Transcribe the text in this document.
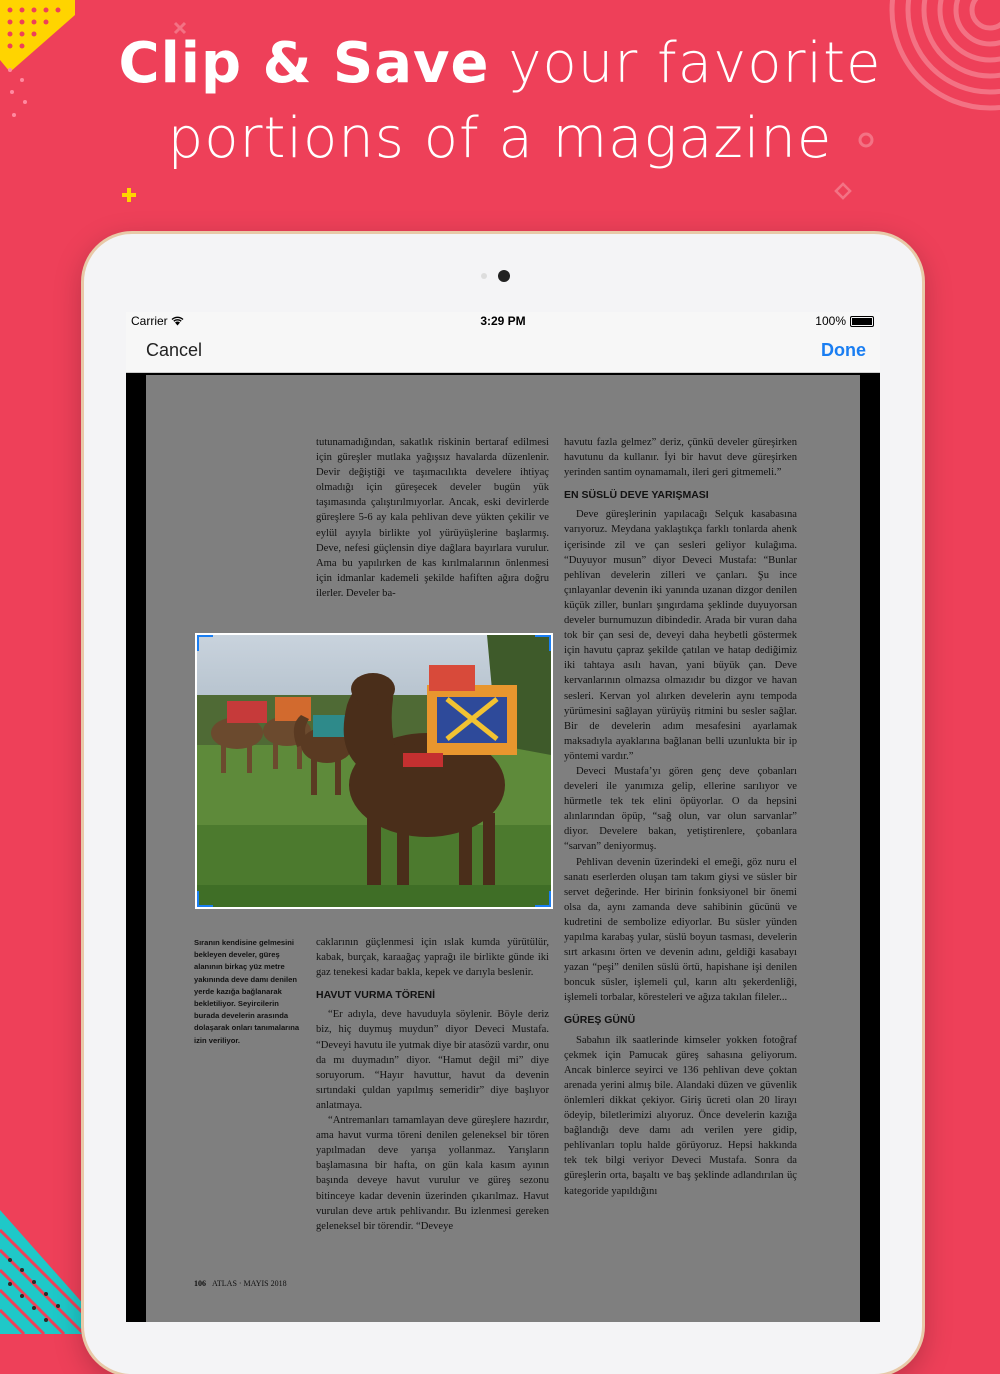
Clip & Save your favorite
portions of a magazine
Carrier	3:29 PM	100%
Cancel	Done

tutunamadığından, sakatlık riskinin bertaraf edilmesi için güreşler mutlaka yağışsız havalarda düzenlenir. Devir değiştiği ve taşımacılıkta develere ihtiyaç olmadığı için güreşecek develer bugün yük taşımasında çalıştırılmıyorlar. Ancak, eski devirlerde güreşlere 5-6 ay kala pehlivan deve yükten çekilir ve eylül ayıyla birlikte yol yürüyüşlerine başlarmış. Deve, nefesi güçlensin diye dağlara bayırlara vurulur. Ama bu yapılırken de kas kırılmalarının önlenmesi için idmanlar kademeli şekilde hafiften ağıra doğru ilerler. Develer ba-

havutu fazla gelmez” deriz, çünkü develer güreşirken havutunu da kullanır. İyi bir havut deve güreşirken yerinden santim oynamamalı, ileri geri gitmemeli.”

EN SÜSLÜ DEVE YARIŞMASI

Deve güreşlerinin yapılacağı Selçuk kasabasına varıyoruz. Meydana yaklaştıkça farklı tonlarda ahenk içerisinde zil ve çan sesleri geliyor kulağıma. “Duyuyor musun” diyor Deveci Mustafa: “Bunlar pehlivan develerin zilleri ve çanları. Şu ince çınlayanlar devenin iki yanında uzanan dizgor denilen küçük ziller, bunları şıngırdama şeklinde duyuyorsan develer burnumuzun dibindedir. Arada bir vuran daha tok bir çan sesi de, deveyi daha heybetli göstermek için havutu çapraz şekilde çatılan ve hatap dediğimiz iki tahtaya asılı havan, yani büyük çan. Deve kervanlarının olmazsa olmazıdır bu dizgor ve havan sesleri. Kervan yol alırken develerin aynı tempoda yürümesini sağlayan yürüyüş ritmini bu sesler sağlar. Bir de develerin adım mesafesini ayarlamak maksadıyla ayaklarına bağlanan belli uzunlukta bir ip yöntemi vardır.”

Deveci Mustafa’yı gören genç deve çobanları develeri ile yanımıza gelip, ellerine sarılıyor ve hürmetle tek tek elini öpüyorlar. O da hepsini alınlarından öpüp, “sağ olun, var olun sarvanlar” diyor. Develere bakan, yetiştirenlere, çobanlara “sarvan” deniyormuş.

Pehlivan devenin üzerindeki el emeği, göz nuru el sanatı eserlerden oluşan tam takım giysi ve süsler bir servet değerinde. Her birinin fonksiyonel bir önemi olsa da, aynı zamanda deve sahibinin gücünü ve kudretini de sembolize ediyorlar. Bu süsler yünden yapılma karabaş yular, süslü boyun tasması, develerin sırt arkasını örten ve devenin adını, geldiği kasabayı yazan “peşi” denilen süslü örtü, hapishane işi denilen boncuk süsler, işlemeli çul, karın altı şekerdenliği, işlemeli torbalar, köresteleri ve ağıza takılan fileler...

GÜREŞ GÜNÜ

Sabahın ilk saatlerinde kimseler yokken fotoğraf çekmek için Pamucak güreş sahasına geliyorum. Ancak binlerce seyirci ve 136 pehlivan deve çoktan arenada yerini almış bile. Alandaki düzen ve güvenlik önlemleri dikkat çekiyor. Giriş ücreti olan 20 lirayı ödeyip, biletlerimizi alıyoruz. Önce develerin kazığa bağlandığı deve damı adı verilen yere gidip, pehlivanları toplu halde görüyoruz. Hepsi hakkında tek tek bilgi veriyor Deveci Mustafa. Sonra da güreşlerin orta, başaltı ve baş şeklinde adlandırılan üç kategoride yapıldığını

Sıranın kendisine gelmesini bekleyen develer, güreş alanının birkaç yüz metre yakınında deve damı denilen yerde kazığa bağlanarak bekletiliyor. Seyircilerin burada develerin arasında dolaşarak onları tanımalarına izin veriliyor.

caklarının güçlenmesi için ıslak kumda yürütülür, kabak, burçak, karaağaç yaprağı ile birlikte günde iki gaz tenekesi kadar bakla, kepek ve darıyla beslenir.

HAVUT VURMA TÖRENİ

“Er adıyla, deve havuduyla söylenir. Böyle deriz biz, hiç duymuş muydun” diyor Deveci Mustafa. “Deveyi havutu ile yutmak diye bir atasözü vardır, onu da mı duymadın” diyor. “Hamut değil mi” diye soruyorum. “Hayır havuttur, havut da devenin sırtındaki çuldan yapılmış semeridir” diye başlıyor anlatmaya.

“Antremanları tamamlayan deve güreşlere hazırdır, ama havut vurma töreni denilen geleneksel bir tören yapılmadan deve yarışa yollanmaz. Yarışların başlamasına bir hafta, on gün kala kasım ayının başında deveye havut vurulur ve güreş sezonu bitinceye kadar devenin üzerinden çıkarılmaz. Havut vurulan deve artık pehlivandır. Bu izlenmesi gereken geleneksel bir törendir. “Deveye

106 ATLAS · MAYIS 2018
